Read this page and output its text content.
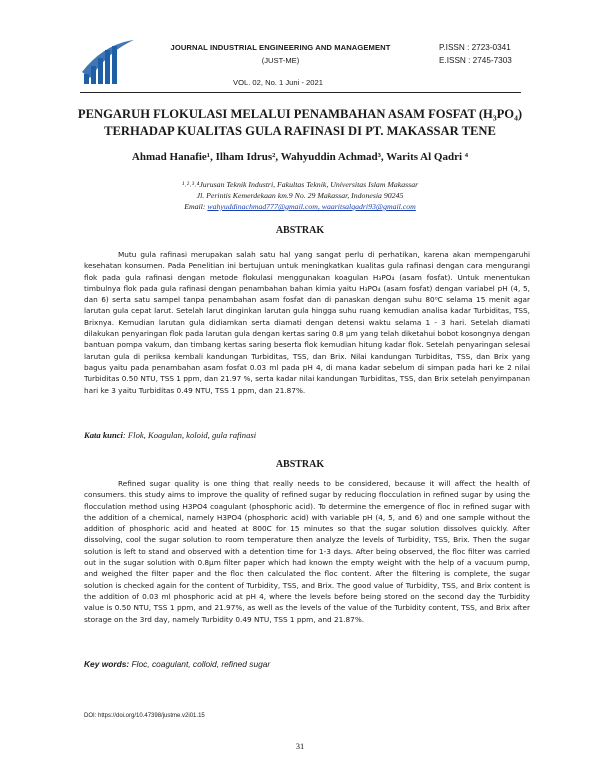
JOURNAL INDUSTRIAL ENGINEERING AND MANAGEMENT
(JUST-ME)
P.ISSN : 2723-0341
E.ISSN : 2745-7303
VOL. 02, No. 1 Juni - 2021
PENGARUH FLOKULASI MELALUI PENAMBAHAN ASAM FOSFAT (H₃PO₄)
TERHADAP KUALITAS GULA RAFINASI DI PT. MAKASSAR TENE
Ahmad Hanafie¹, Ilham Idrus², Wahyuddin Achmad³, Warits Al Qadri ⁴
¹˒²˒³˒⁴Jurusan Teknik Industri, Fakultas Teknik, Universitas Islam Makassar
Jl. Perintis Kemerdekaan km.9 No. 29 Makassar, Indonesia 90245
Email: wahyuddinachmad777@gmail.com, waaritsalqadri93@gmail.com
ABSTRAK

Mutu gula rafinasi merupakan salah satu hal yang sangat perlu di perhatikan, karena akan mempengaruhi kesehatan konsumen. Pada Penelitian ini bertujuan untuk meningkatkan kualitas gula rafinasi dengan cara mengurangi flok pada gula rafinasi dengan metode flokulasi menggunakan koagulan H₃PO₄ (asam fosfat). Untuk menentukan timbulnya flok pada gula rafinasi dengan penambahan bahan kimia yaitu H₃PO₄ (asam fosfat) dengan variabel pH (4, 5, dan 6) serta satu sampel tanpa penambahan asam fosfat dan di panaskan dengan suhu 80⁰C selama 15 menit agar larutan gula cepat larut. Setelah larut dinginkan larutan gula hingga suhu ruang kemudian analisa kadar Turbiditas, TSS, Brixnya. Kemudian larutan gula didiamkan serta diamati dengan detensi waktu selama 1 - 3 hari. Setelah diamati dilakukan penyaringan flok pada larutan gula dengan kertas saring 0.8 µm yang telah diketahui bobot kosongnya dengan bantuan pompa vakum, dan timbang kertas saring beserta flok kemudian hitung kadar flok. Setelah penyaringan selesai larutan gula di periksa kembali kandungan Turbiditas, TSS, dan Brix. Nilai kandungan Turbiditas, TSS, dan Brix yang bagus yaitu pada penambahan asam fosfat 0.03 ml pada pH 4, di mana kadar sebelum di simpan pada hari ke 2 nilai Turbiditas 0.50 NTU, TSS 1 ppm, dan 21.97 %, serta kadar nilai kandungan Turbiditas, TSS, dan Brix setelah penyimpanan hari ke 3 yaitu Turbiditas 0.49 NTU, TSS 1 ppm, dan 21.87%.

Kata kunci: Flok, Koagulan, koloid, gula rafinasi
ABSTRAK

Refined sugar quality is one thing that really needs to be considered, because it will affect the health of consumers. this study aims to improve the quality of refined sugar by reducing flocculation in refined sugar by using the flocculation method using H3PO4 coagulant (phosphoric acid). To determine the emergence of floc in refined sugar with the addition of a chemical, namely H3PO4 (phosphoric acid) with variable pH (4, 5, and 6) and one sample without the addition of phosphoric acid and heated at 800C for 15 minutes so that the sugar solution dissolves quickly. After dissolving, cool the sugar solution to room temperature then analyze the levels of Turbidity, TSS, Brix. Then the sugar solution is left to stand and observed with a detention time for 1-3 days. After being observed, the floc filter was carried out in the sugar solution with 0.8µm filter paper which had known the empty weight with the help of a vacuum pump, and weighed the filter paper and the floc then calculated the floc content. After the filtering is complete, the sugar solution is checked again for the content of Turbidity, TSS, and Brix. The good value of Turbidity, TSS, and Brix content is the addition of 0.03 ml phosphoric acid at pH 4, where the levels before being stored on the second day the Turbidity value is 0.50 NTU, TSS 1 ppm, and 21.97%, as well as the levels of the value of the Turbidity content, TSS, and Brix after storage on the 3rd day, namely Turbidity 0.49 NTU, TSS 1 ppm, and 21.87%.

Key words: Floc, coagulant, colloid, refined sugar
DOI: https://doi.org/10.47398/justme.v2i01.15
31
